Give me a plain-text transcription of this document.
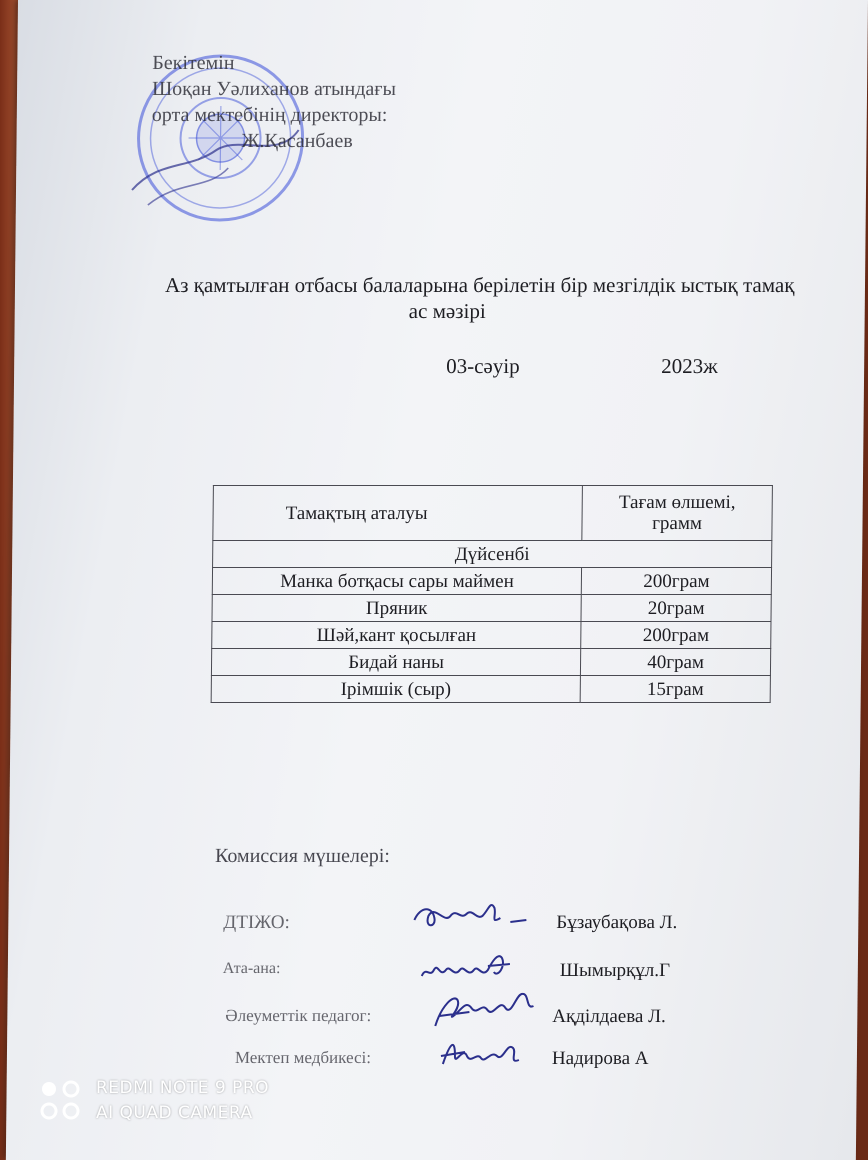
Бекітемін
Шоқан Уәлиханов атындағы
орта мектебінің директоры:
Ж.Қасанбаев
Аз қамтылған отбасы балаларына берілетін бір мезгілдік ыстық тамақ
ас мәзірі
03-сәуір	2023ж
Тамақтың аталуы	Тағам өлшемі,
грамм

Дүйсенбі	
Манка ботқасы сары маймен	200грам
Пряник	20грам
Шәй,кант қосылған	200грам
Бидай наны	40грам
Ірімшік (сыр)	15грам
Комиссия мүшелері:
ДТІЖО:	Бұзаубақова Л.
Ата-ана:	Шымырқұл.Г
Әлеуметтік педагог:	Ақділдаева Л.
Мектеп медбикесі:	Надирова А
REDMI NOTE 9 PRO
AI QUAD CAMERA
